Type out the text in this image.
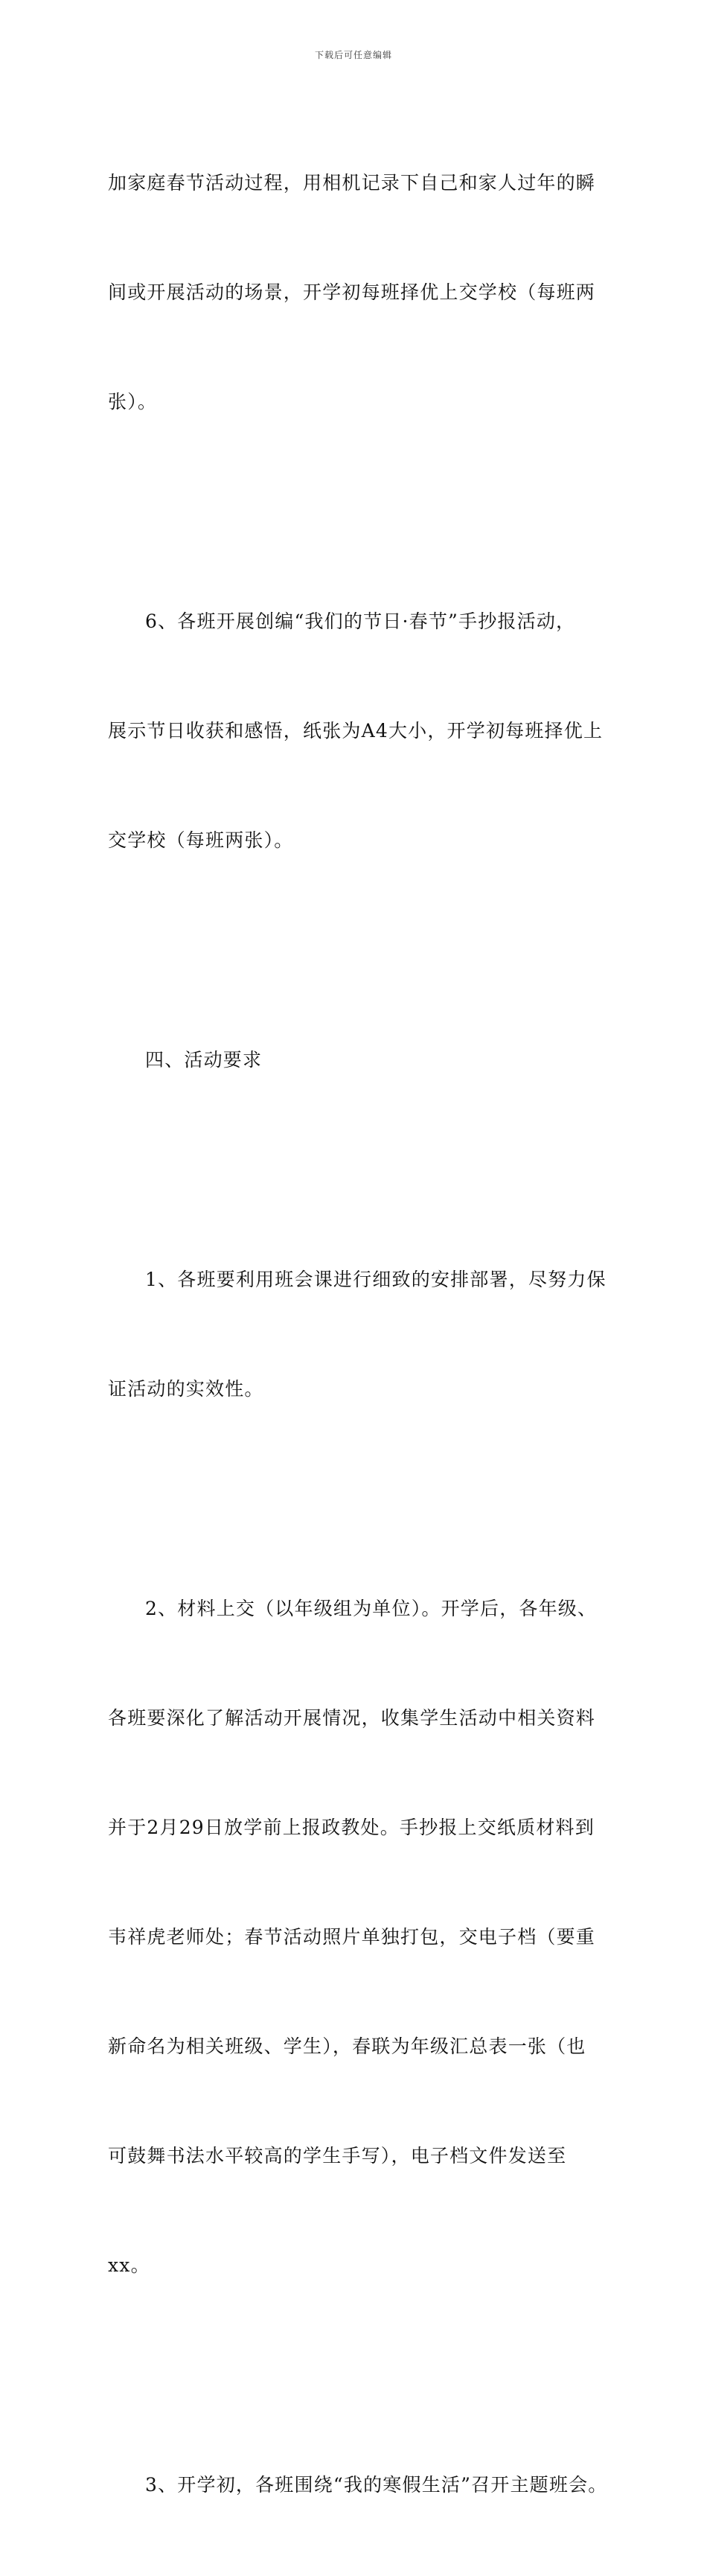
下载后可任意编辑

加家庭春节活动过程，用相机记录下自己和家人过年的瞬

间或开展活动的场景，开学初每班择优上交学校（每班两

张）。

6、各班开展创编“我们的节日·春节”手抄报活动，

展示节日收获和感悟，纸张为A4大小，开学初每班择优上

交学校（每班两张）。

四、活动要求

1、各班要利用班会课进行细致的安排部署，尽努力保

证活动的实效性。

2、材料上交（以年级组为单位）。开学后，各年级、

各班要深化了解活动开展情况，收集学生活动中相关资料

并于2月29日放学前上报政教处。手抄报上交纸质材料到

韦祥虎老师处；春节活动照片单独打包，交电子档（要重

新命名为相关班级、学生），春联为年级汇总表一张（也

可鼓舞书法水平较高的学生手写），电子档文件发送至

xx。

3、开学初，各班围绕“我的寒假生活”召开主题班会。
